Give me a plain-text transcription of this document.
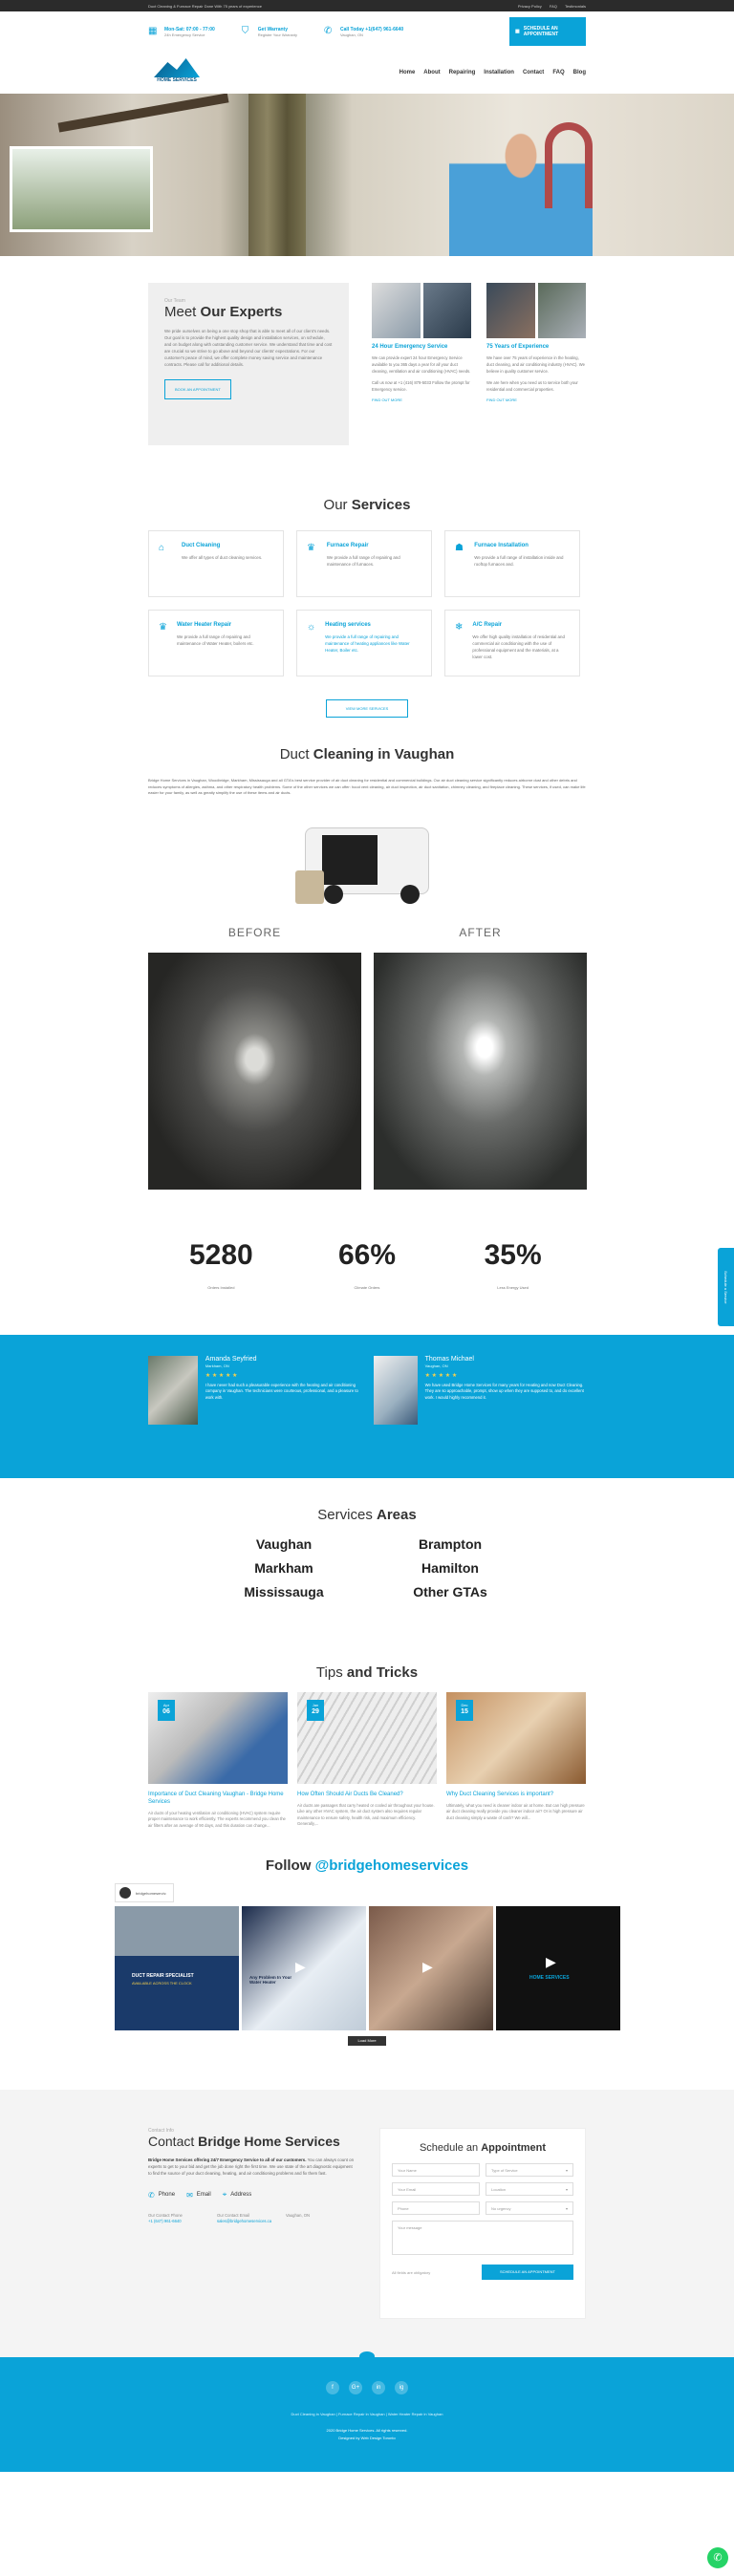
Duct Cleaning & Furnace Repair Done With 75 years of experience	Privacy Policy FAQ Testimonials
▦	Mon-Sat: 07:00 - 77:00
24h Emergency Service	⛉	Get Warranty
Register Your Warranty	✆	Call Today +1(647) 961-6640
Vaughan, ON	▦ SCHEDULE AN APPOINTMENT
HOME SERVICES
Home About Repairing Installation Contact FAQ Blog
Our Team
Meet Our Experts

We pride ourselves on being a one stop shop that is able to meet all of our client's needs. Our goal is to provide the highest quality design and installation services, on schedule, and on budget along with outstanding customer service. We understand that time and cost are crucial so we strive to go above and beyond our clients' expectations. For our customer's peace of mind, we offer complete money saving service and maintenance contracts. Please call for additional details.

BOOK AN APPOINTMENT
24 Hour Emergency Service

We can provide expert 24 hour Emergency Service available to you 365 days a year for all your duct cleaning, ventilation and air conditioning (HVAC) needs.

Call us now at +1 (416) 879-5033 Follow the prompt for Emergency service.

FIND OUT MORE
75 Years of Experience

We have over 75 years of experience in the heating, duct cleaning, and air conditioning industry (HVAC). We believe in quality customer service.

We are here when you need us to service both your residential and commercial properties.

FIND OUT MORE
Our Services
⌂	Duct Cleaning

We offer all types of duct cleaning services.

♛	Furnace Repair

We provide a full range of repairing and maintenance of furnaces.

☗ Furnace Installation

We provide a full range of installation inside and rooftop furnaces and.

♛ Water Heater Repair

We provide a full range of repairing and maintenance of Water Heater, boilers etc.

☼ Heating services

We provide a full range of repairing and maintenance of heating appliances like Water Heater, Boiler etc.

❄ A/C Repair

We offer high quality installation of residential and commercial air conditioning with the use of professional equipment and the materials, at a lower cost.

VIEW MORE SERVICES
Duct Cleaning in Vaughan

Bridge Home Services in Vaughan, Woodbridge, Markham, Mississauga and all GTA's best service provider of air duct cleaning for residential and commercial buildings. Our air duct cleaning service significantly reduces airborne dust and other debris and reduces symptoms of allergies, asthma, and other respiratory health problems. Some of the other services we can offer: hood vent cleaning, air duct inspection, air duct sanitation, chimney cleaning, and fireplace cleaning. These services, if used, can make life easier for your family, as well as greatly simplify the use of these items and air ducts.

BEFORE	AFTER
5280
Orders Installed
66%
Climate Orders
35%
Less Energy Used
Amanda Seyfried
Markham, ON
★ ★ ★ ★ ★

I have never had such a pleasurable experience with the heating and air conditioning company in Vaughan. The technicians were courteous, professional, and a pleasure to work with.

Thomas Michael
Vaughan, ON
★ ★ ★ ★ ★

We have used Bridge Home Services for many years for Heating and now Duct Cleaning. They are so approachable, prompt, show up when they are supposed to, and do excellent work. I would highly recommend it.

Services Areas
Vaughan	Brampton
Markham	Hamilton
Mississauga	Other GTAs
Tips and Tricks
Apr
06
Importance of Duct Cleaning Vaughan - Bridge Home Services

Air ducts of your heating ventilation air conditioning (HVAC) system require proper maintenance to work efficiently. The experts recommend you clean the air filters after an average of 90 days, and this duration can change...

Jan
29
How Often Should Air Ducts Be Cleaned?

Air ducts are passages that carry heated or cooled air throughout your house. Like any other HVAC system, the air duct system also requires regular maintenance to ensure safety, health risk, and maximum efficiency. Generally,...

Dec
15
Why Duct Cleaning Services is important?

Ultimately, what you need is cleaner indoor air at home. But can high pressure air duct cleaning really provide you cleaner indoor air? Or is high pressure air duct cleaning simply a waste of cash? We will...

Follow @bridgehomeservices
bridgehomeservic
DUCT REPAIR SPECIALIST
AVAILABLE ACROSS THE CLOCK
Any Problem In Your Water Heater
▶	▶	▶
HOME SERVICES
Load More
Contact Info
Contact Bridge Home Services

Bridge Home Services offering 24/7 Emergency Service to all of our customers. You can always count on experts to get to your bid and get the job done right the first time. We use state of the art diagnostic equipment to find the source of your duct cleaning, heating, and air conditioning problems and fix them fast.

✆ Phone ✉ Email ⌖ Address
Our Contact Phone
+1 (647) 961-6640
Our Contact Email
sales@bridgehomeservices.ca
Vaughan, ON
Schedule an Appointment
Your Name	Type of Service	▾
Your Email	Location	▾
Phone	No urgency	▾
Your message
All fields are obligatory	SCHEDULE AN APPOINTMENT
f	G+	in	ig
Duct Cleaning in Vaughan | Furnace Repair in Vaughan | Water Heater Repair in Vaughan
2020 Bridge Home Services. All rights reserved.
Designed by Web Design Toronto
Schedule a Service
✆
